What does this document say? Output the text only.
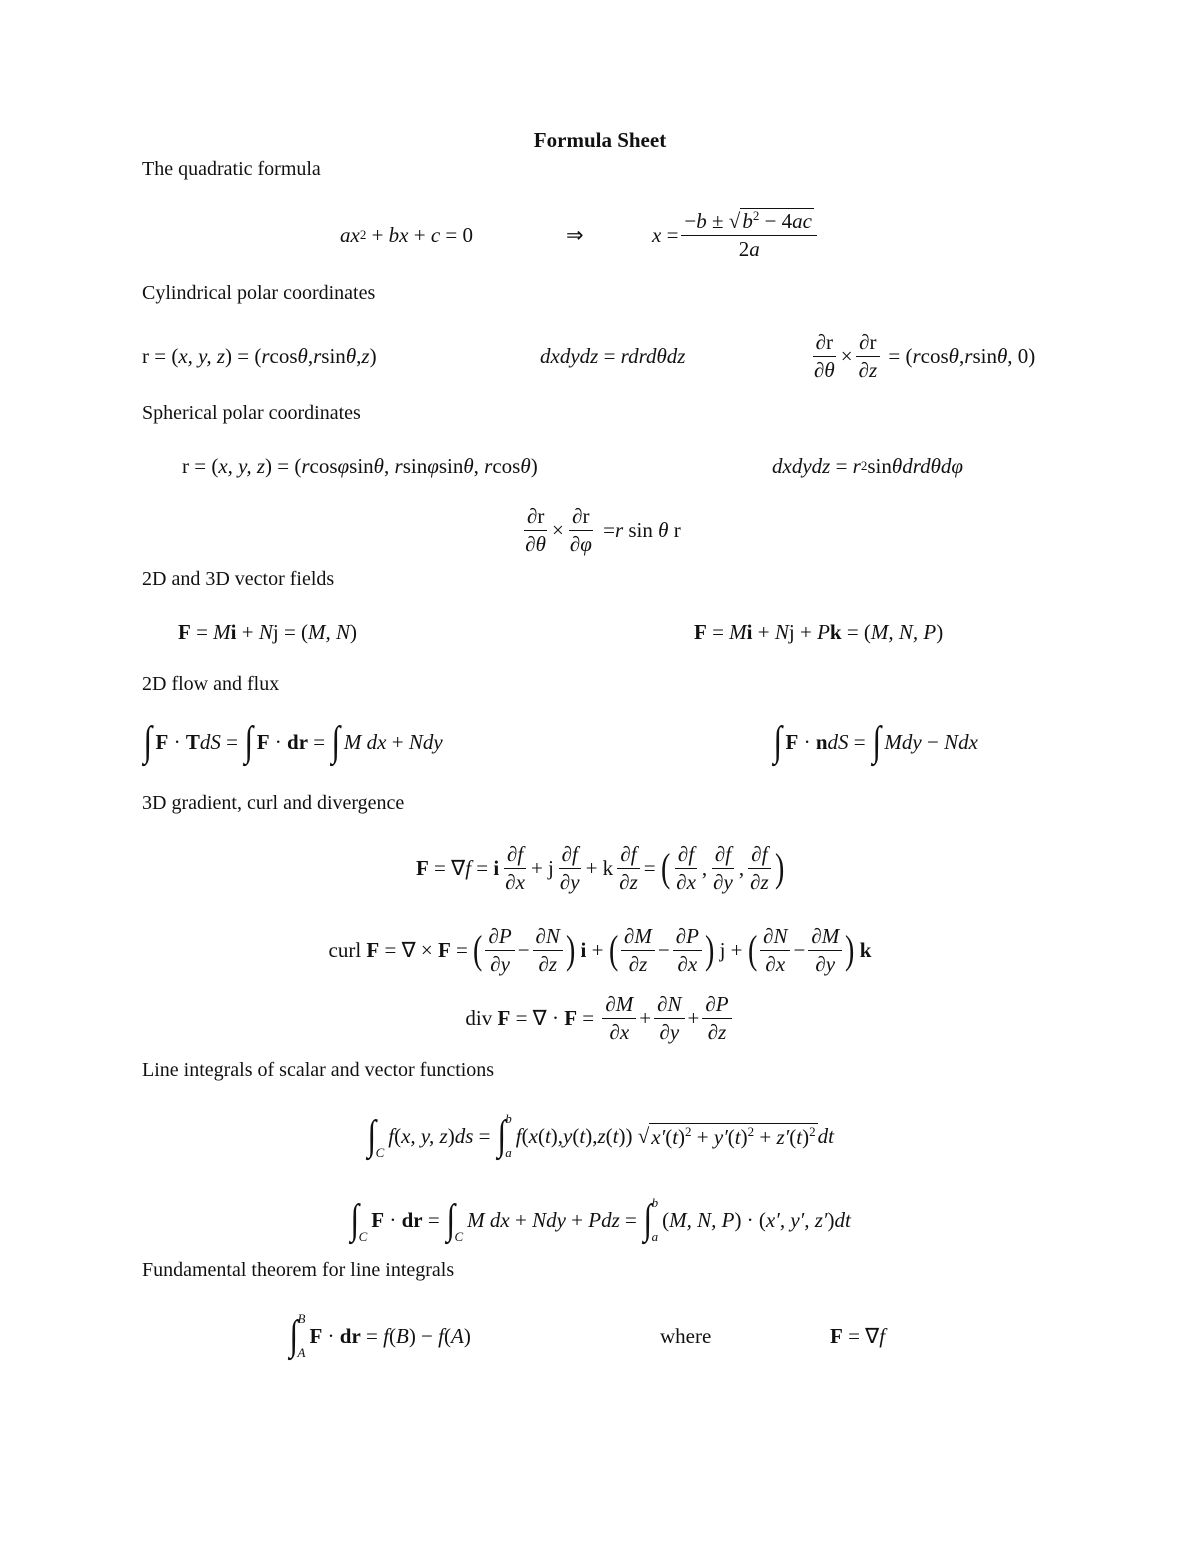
Formula Sheet
The quadratic formula
ax 2 + bx + c = 0	⇒	$x = \frac{-b \pm √b^2 - 4ac}{2a}$
Cylindrical polar coordinates
r = ( x, y, z ) = ( r cos θ , r sin θ , z )	dxdydz = rdrdθdz	$\frac{\partial r}{\partial\theta} \times \frac{\partial r}{\partial z}$ = ( r cos θ , r sin θ , 0)
Spherical polar coordinates
r = ( x, y, z ) = ( r cos φ sin θ , r sin φ sin θ , r cos θ )	dxdydz = r 2 sin θdrdθdφ
$\frac{\partial r}{\partial\theta} \times \frac{\partial r}{\partial\varphi} = r$ sin θ r
2D and 3D vector fields
F = M i + N j = ( M, N )	F = M i + N j + P k = ( M, N, P )
2D flow and flux
∫ F · T dS = ∫ F · dr = ∫ M dx + Ndy	∫ F · n dS = ∫ Mdy − Ndx
3D gradient, curl and divergence
F = ∇ f = i $\frac{\partial f}{\partial x} + j \frac{\partial f}{\partial y} + k \frac{\partial f}{\partial z}$ = ( $\frac{\partial f}{\partial x}$ , $\frac{\partial f}{\partial y}$ , $\frac{\partial f}{\partial z}$ )
curl
F = ∇ × F = ( $\frac{\partial P}{\partial y} - \frac{\partial N}{\partial z}$ )
i + ( $\frac{\partial M}{\partial z} - \frac{\partial P}{\partial x}$ ) j + ( $\frac{\partial N}{\partial x} - \frac{\partial M}{\partial y}$ )
k
div
F = ∇ · $F = \frac{\partial M}{\partial x} + \frac{\partial N}{\partial y} + \frac{\partial P}{\partial z}$
Line integrals of scalar and vector functions
∫ C
f ( x, y, z ) ds = ∫ b
a
f ( x ( t ), y ( t ), z ( t )) √ $x'(t)^2 + y'(t)^2 + z'(t)^2$ dt
∫ C
F · dr = ∫ C
M dx + Ndy + Pdz = ∫ b
a
( M, N, P ) · ( x′, y′, z′ ) dt
Fundamental theorem for line integrals
∫ B
A
F · dr = f ( B ) − f ( A )	where	F = ∇ f
